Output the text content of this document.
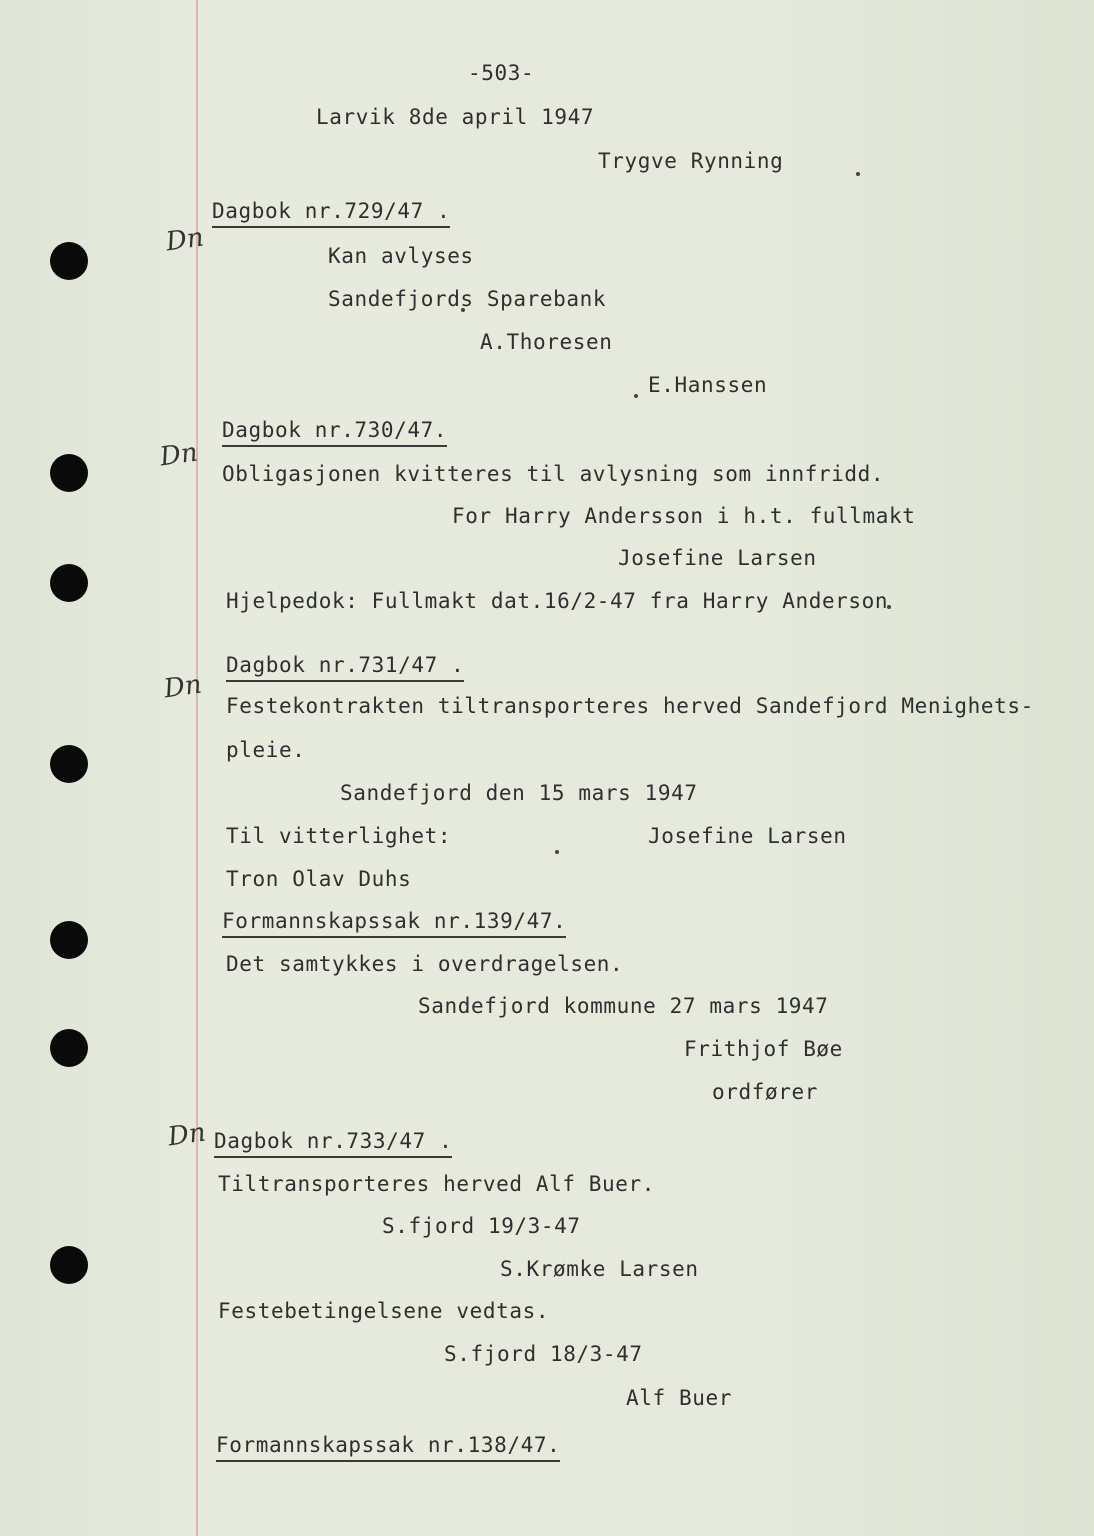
-503-
Larvik 8de april 1947
Trygve Rynning
Dn
Dagbok nr.729/47 .
Kan avlyses
Sandefjords Sparebank
A.Thoresen
E.Hanssen
Dn
Dagbok nr.730/47.
Obligasjonen kvitteres til avlysning som innfridd.
For Harry Andersson i h.t. fullmakt
Josefine Larsen
Hjelpedok: Fullmakt dat.16/2-47 fra Harry Anderson
Dn
Dagbok nr.731/47 .
Festekontrakten tiltransporteres herved Sandefjord Menighets-
pleie.
Sandefjord den 15 mars 1947
Til vitterlighet:	Josefine Larsen
Tron Olav Duhs
Formannskapssak nr.139/47.
Det samtykkes i overdragelsen.
Sandefjord kommune 27 mars 1947
Frithjof Bøe
ordfører
Dn Dagbok nr.733/47 .
Tiltransporteres herved Alf Buer.
S.fjord 19/3-47
S.Krømke Larsen
Festebetingelsene vedtas.
S.fjord 18/3-47
Alf Buer
Formannskapssak nr.138/47.
